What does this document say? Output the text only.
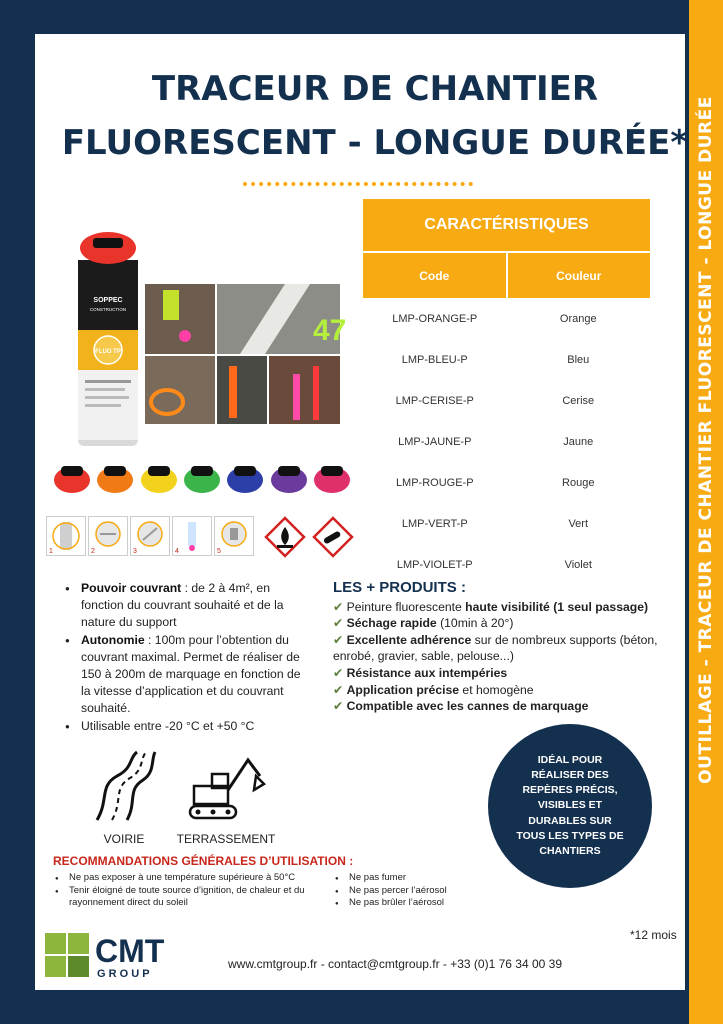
OUTILLAGE - TRACEUR DE CHANTIER FLUORESCENT - LONGUE DURÉE
TRACEUR DE CHANTIER
FLUORESCENT - LONGUE DURÉE*
SOPPEC
CONSTRUCTION
FLUO TP
47
1	2	3	4	5
CARACTÉRISTIQUES
Code	Couleur
LMP-ORANGE-P	Orange
LMP-BLEU-P	Bleu
LMP-CERISE-P	Cerise
LMP-JAUNE-P	Jaune
LMP-ROUGE-P	Rouge
LMP-VERT-P	Vert
LMP-VIOLET-P	Violet
● Pouvoir couvrant : de 2 à 4m², en fonction du couvrant souhaité et de la nature du support
● Autonomie : 100m pour l’obtention du couvrant maximal. Permet de réaliser de 150 à 200m de marquage en fonction de la vitesse d’application et du couvrant souhaité.
● Utilisable entre -20 °C et +50 °C
LES + PRODUITS :
✔ Peinture fluorescente haute visibilité (1 seul passage)
✔ Séchage rapide (10min à 20°)
✔ Excellente adhérence sur de nombreux supports (béton, enrobé, gravier, sable, pelouse...)
✔ Résistance aux intempéries
✔ Application précise et homogène
✔ Compatible avec les cannes de marquage
VOIRIE	TERRASSEMENT
IDÉAL POUR RÉALISER DES REPÈRES PRÉCIS, VISIBLES ET DURABLES SUR TOUS LES TYPES DE CHANTIERS
RECOMMANDATIONS GÉNÉRALES D’UTILISATION :
● Ne pas exposer à une température supérieure à 50°C
● Tenir éloigné de toute source d’ignition, de chaleur et du rayonnement direct du soleil
● Ne pas fumer
● Ne pas percer l’aérosol
● Ne pas brûler l’aérosol
*12 mois
CMT
G R O U P
www.cmtgroup.fr - contact@cmtgroup.fr - +33 (0)1 76 34 00 39
